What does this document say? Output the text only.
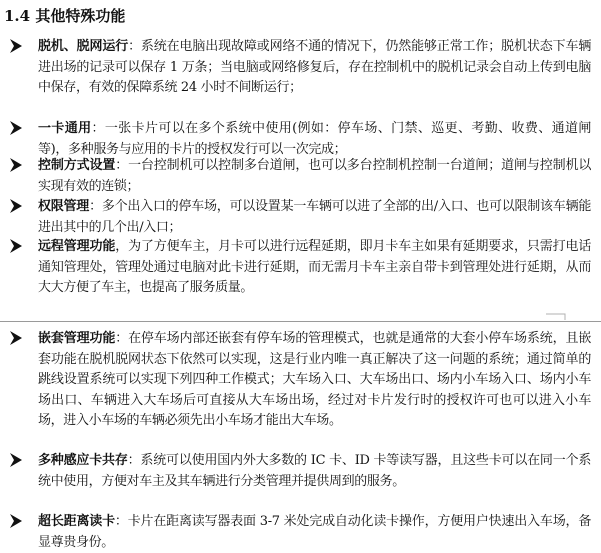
1.4 其他特殊功能
脱机、脱网运行：系统在电脑出现故障或网络不通的情况下，仍然能够正常工作；脱机状态下车辆进出场的记录可以保存 1 万条；当电脑或网络修复后，存在控制机中的脱机记录会自动上传到电脑中保存，有效的保障系统 24 小时不间断运行；
一卡通用：一张卡片可以在多个系统中使用(例如：停车场、门禁、巡更、考勤、收费、通道闸等)，多种服务与应用的卡片的授权发行可以一次完成；
控制方式设置：一台控制机可以控制多台道闸，也可以多台控制机控制一台道闸；道闸与控制机以实现有效的连锁；
权限管理：多个出入口的停车场，可以设置某一车辆可以进了全部的出/入口、也可以限制该车辆能进出其中的几个出/入口；
远程管理功能，为了方便车主，月卡可以进行远程延期，即月卡车主如果有延期要求，只需打电话通知管理处，管理处通过电脑对此卡进行延期，而无需月卡车主亲自带卡到管理处进行延期，从而大大方便了车主，也提高了服务质量。
嵌套管理功能：在停车场内部还嵌套有停车场的管理模式，也就是通常的大套小停车场系统，且嵌套功能在脱机脱网状态下依然可以实现，这是行业内唯一真正解决了这一问题的系统；通过简单的跳线设置系统可以实现下列四种工作模式；大车场入口、大车场出口、场内小车场入口、场内小车场出口、车辆进入大车场后可直接从大车场出场，经过对卡片发行时的授权许可也可以进入小车场，进入小车场的车辆必须先出小车场才能出大车场。
多种感应卡共存：系统可以使用国内外大多数的 IC 卡、ID 卡等读写器，且这些卡可以在同一个系统中使用，方便对车主及其车辆进行分类管理并提供周到的服务。
超长距离读卡：卡片在距离读写器表面 3-7 米处完成自动化读卡操作，方便用户快速出入车场，备显尊贵身份。
